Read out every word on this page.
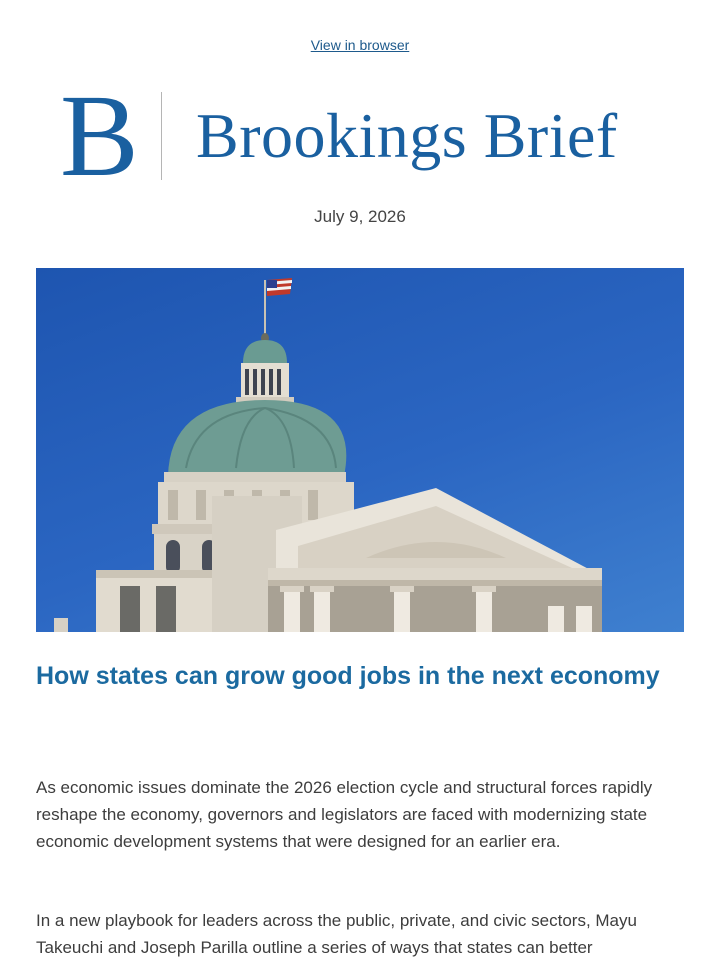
View in browser
B Brookings Brief
July 9, 2026
How states can grow good jobs in the next economy

As economic issues dominate the 2026 election cycle and structural forces rapidly reshape the economy, governors and legislators are faced with modernizing state economic development systems that were designed for an earlier era.

In a new playbook for leaders across the public, private, and civic sectors, Mayu Takeuchi and Joseph Parilla outline a series of ways that states can better
